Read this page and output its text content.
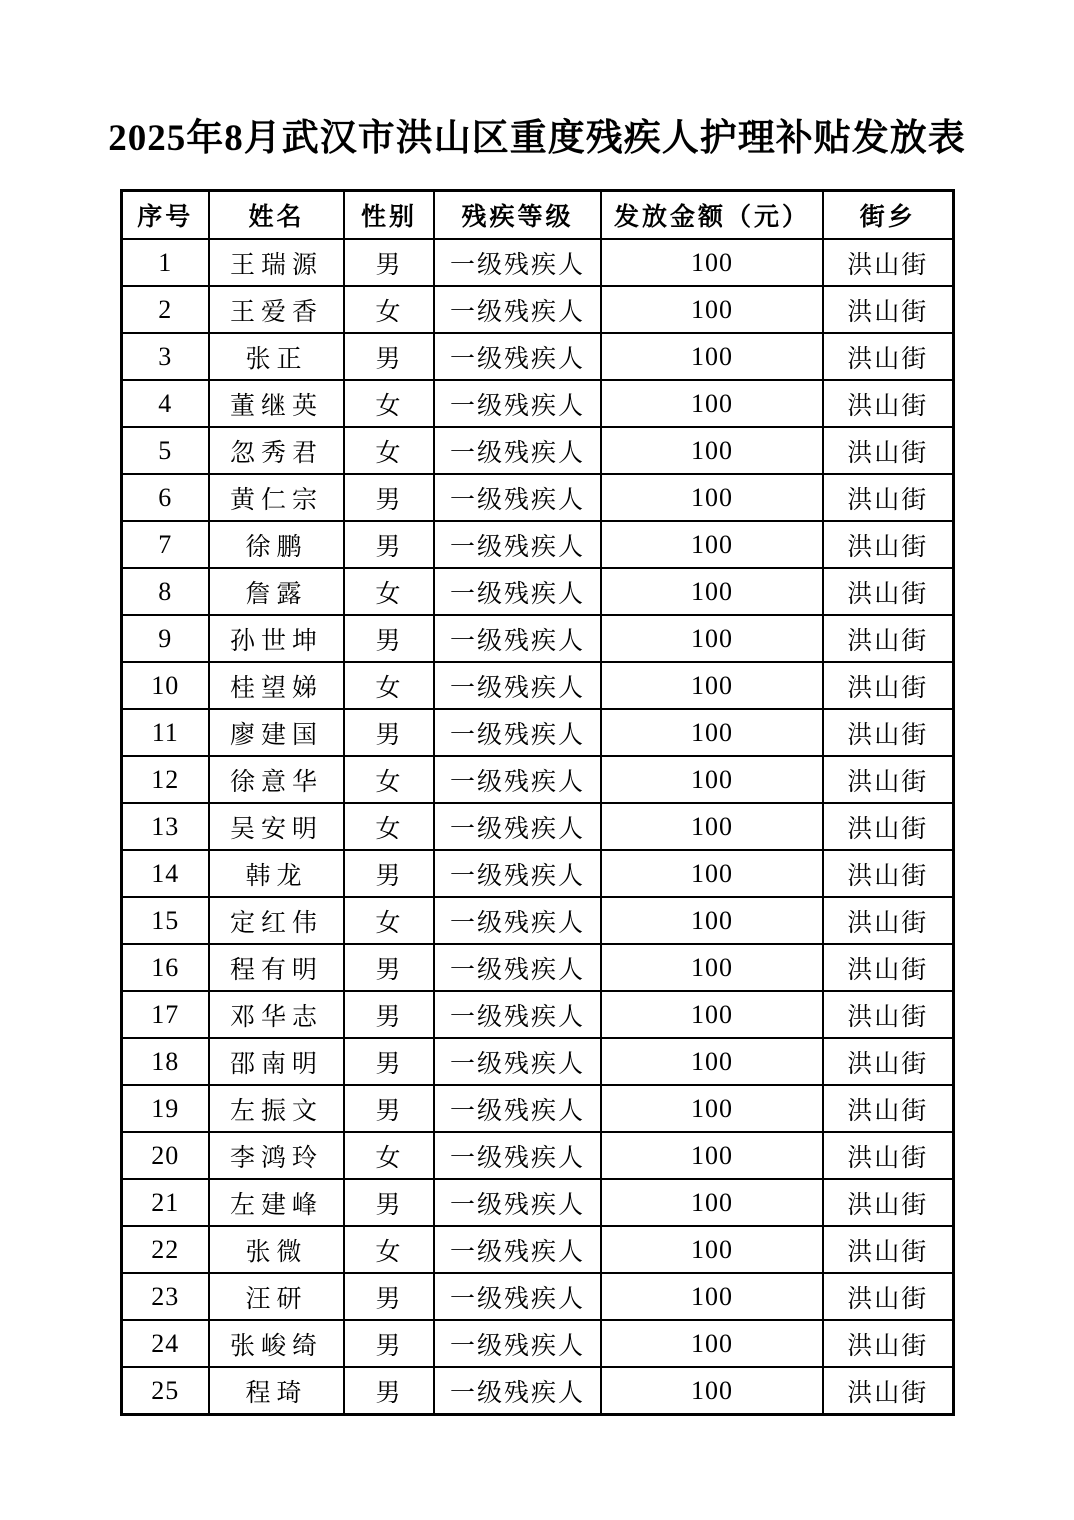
2025年8月武汉市洪山区重度残疾人护理补贴发放表
序号	姓名	性别	残疾等级	发放金额（元）	街乡
1	王瑞源	男	一级残疾人	100	洪山街
2	王爱香	女	一级残疾人	100	洪山街
3	张正	男	一级残疾人	100	洪山街
4	董继英	女	一级残疾人	100	洪山街
5	忽秀君	女	一级残疾人	100	洪山街
6	黄仁宗	男	一级残疾人	100	洪山街
7	徐鹏	男	一级残疾人	100	洪山街
8	詹露	女	一级残疾人	100	洪山街
9	孙世坤	男	一级残疾人	100	洪山街
10	桂望娣	女	一级残疾人	100	洪山街
11	廖建国	男	一级残疾人	100	洪山街
12	徐意华	女	一级残疾人	100	洪山街
13	吴安明	女	一级残疾人	100	洪山街
14	韩龙	男	一级残疾人	100	洪山街
15	定红伟	女	一级残疾人	100	洪山街
16	程有明	男	一级残疾人	100	洪山街
17	邓华志	男	一级残疾人	100	洪山街
18	邵南明	男	一级残疾人	100	洪山街
19	左振文	男	一级残疾人	100	洪山街
20	李鸿玲	女	一级残疾人	100	洪山街
21	左建峰	男	一级残疾人	100	洪山街
22	张微	女	一级残疾人	100	洪山街
23	汪研	男	一级残疾人	100	洪山街
24	张峻绮	男	一级残疾人	100	洪山街
25	程琦	男	一级残疾人	100	洪山街
